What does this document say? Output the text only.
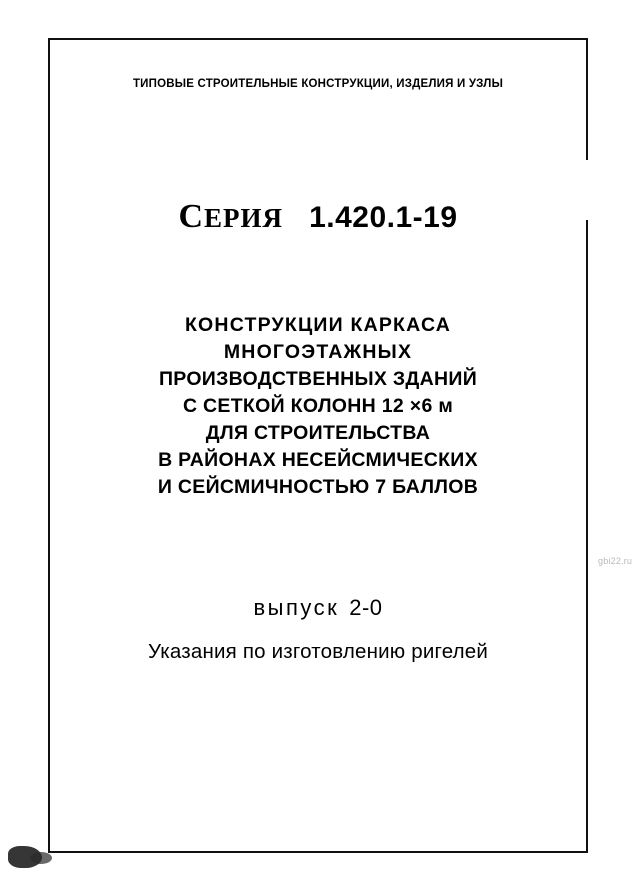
ТИПОВЫЕ СТРОИТЕЛЬНЫЕ КОНСТРУКЦИИ, ИЗДЕЛИЯ И УЗЛЫ
СЕРИЯ 1.420.1-19
КОНСТРУКЦИИ КАРКАСА
МНОГОЭТАЖНЫХ
ПРОИЗВОДСТВЕННЫХ ЗДАНИЙ
С СЕТКОЙ КОЛОНН 12 ×6 м
ДЛЯ СТРОИТЕЛЬСТВА
В РАЙОНАХ НЕСЕЙСМИЧЕСКИХ
И СЕЙСМИЧНОСТЬЮ 7 БАЛЛОВ
выпуск 2-0
Указания по изготовлению ригелей
gbi22.ru
